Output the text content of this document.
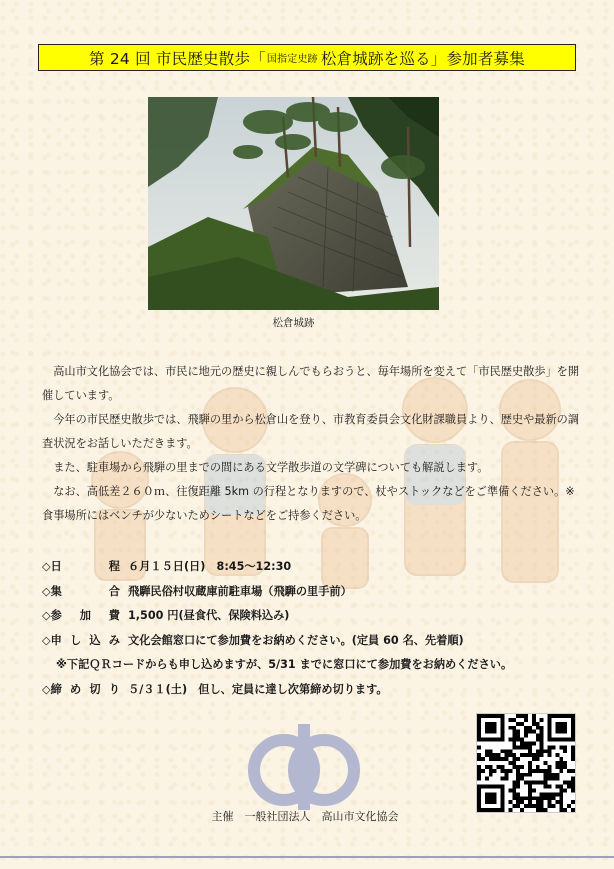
第 24 回 市民歴史散歩「 国指定史跡 松倉城跡を巡る」参加者募集
松倉城跡

高山市文化協会では、市民に地元の歴史に親しんでもらおうと、毎年場所を変えて「市民歴史散歩」を開催しています。

今年の市民歴史散歩では、飛騨の里から松倉山を登り、市教育委員会文化財課職員より、歴史や最新の調査状況をお話しいただきます。

また、駐車場から飛騨の里までの間にある文学散歩道の文学碑についても解説します。

なお、高低差２６０ｍ、往復距離 5km の行程となりますので、杖やストックなどをご準備ください。※食事場所にはベンチが少ないためシートなどをご持参ください。

◇日	程 ６月１５日(日)　8:45〜12:30
◇集	合 飛騨民俗村収蔵庫前駐車場（飛騨の里手前）
◇参 加 費 1,500 円(昼食代、保険料込み)
◇申 し 込 み 文化会館窓口にて参加費をお納めください。(定員 60 名、先着順)
※下記ＱＲコードからも申し込めますが、5/31 までに窓口にて参加費をお納めください。
◇締 め 切 り ５/３１(土)　但し、定員に達し次第締め切ります。
主催　一般社団法人　高山市文化協会
